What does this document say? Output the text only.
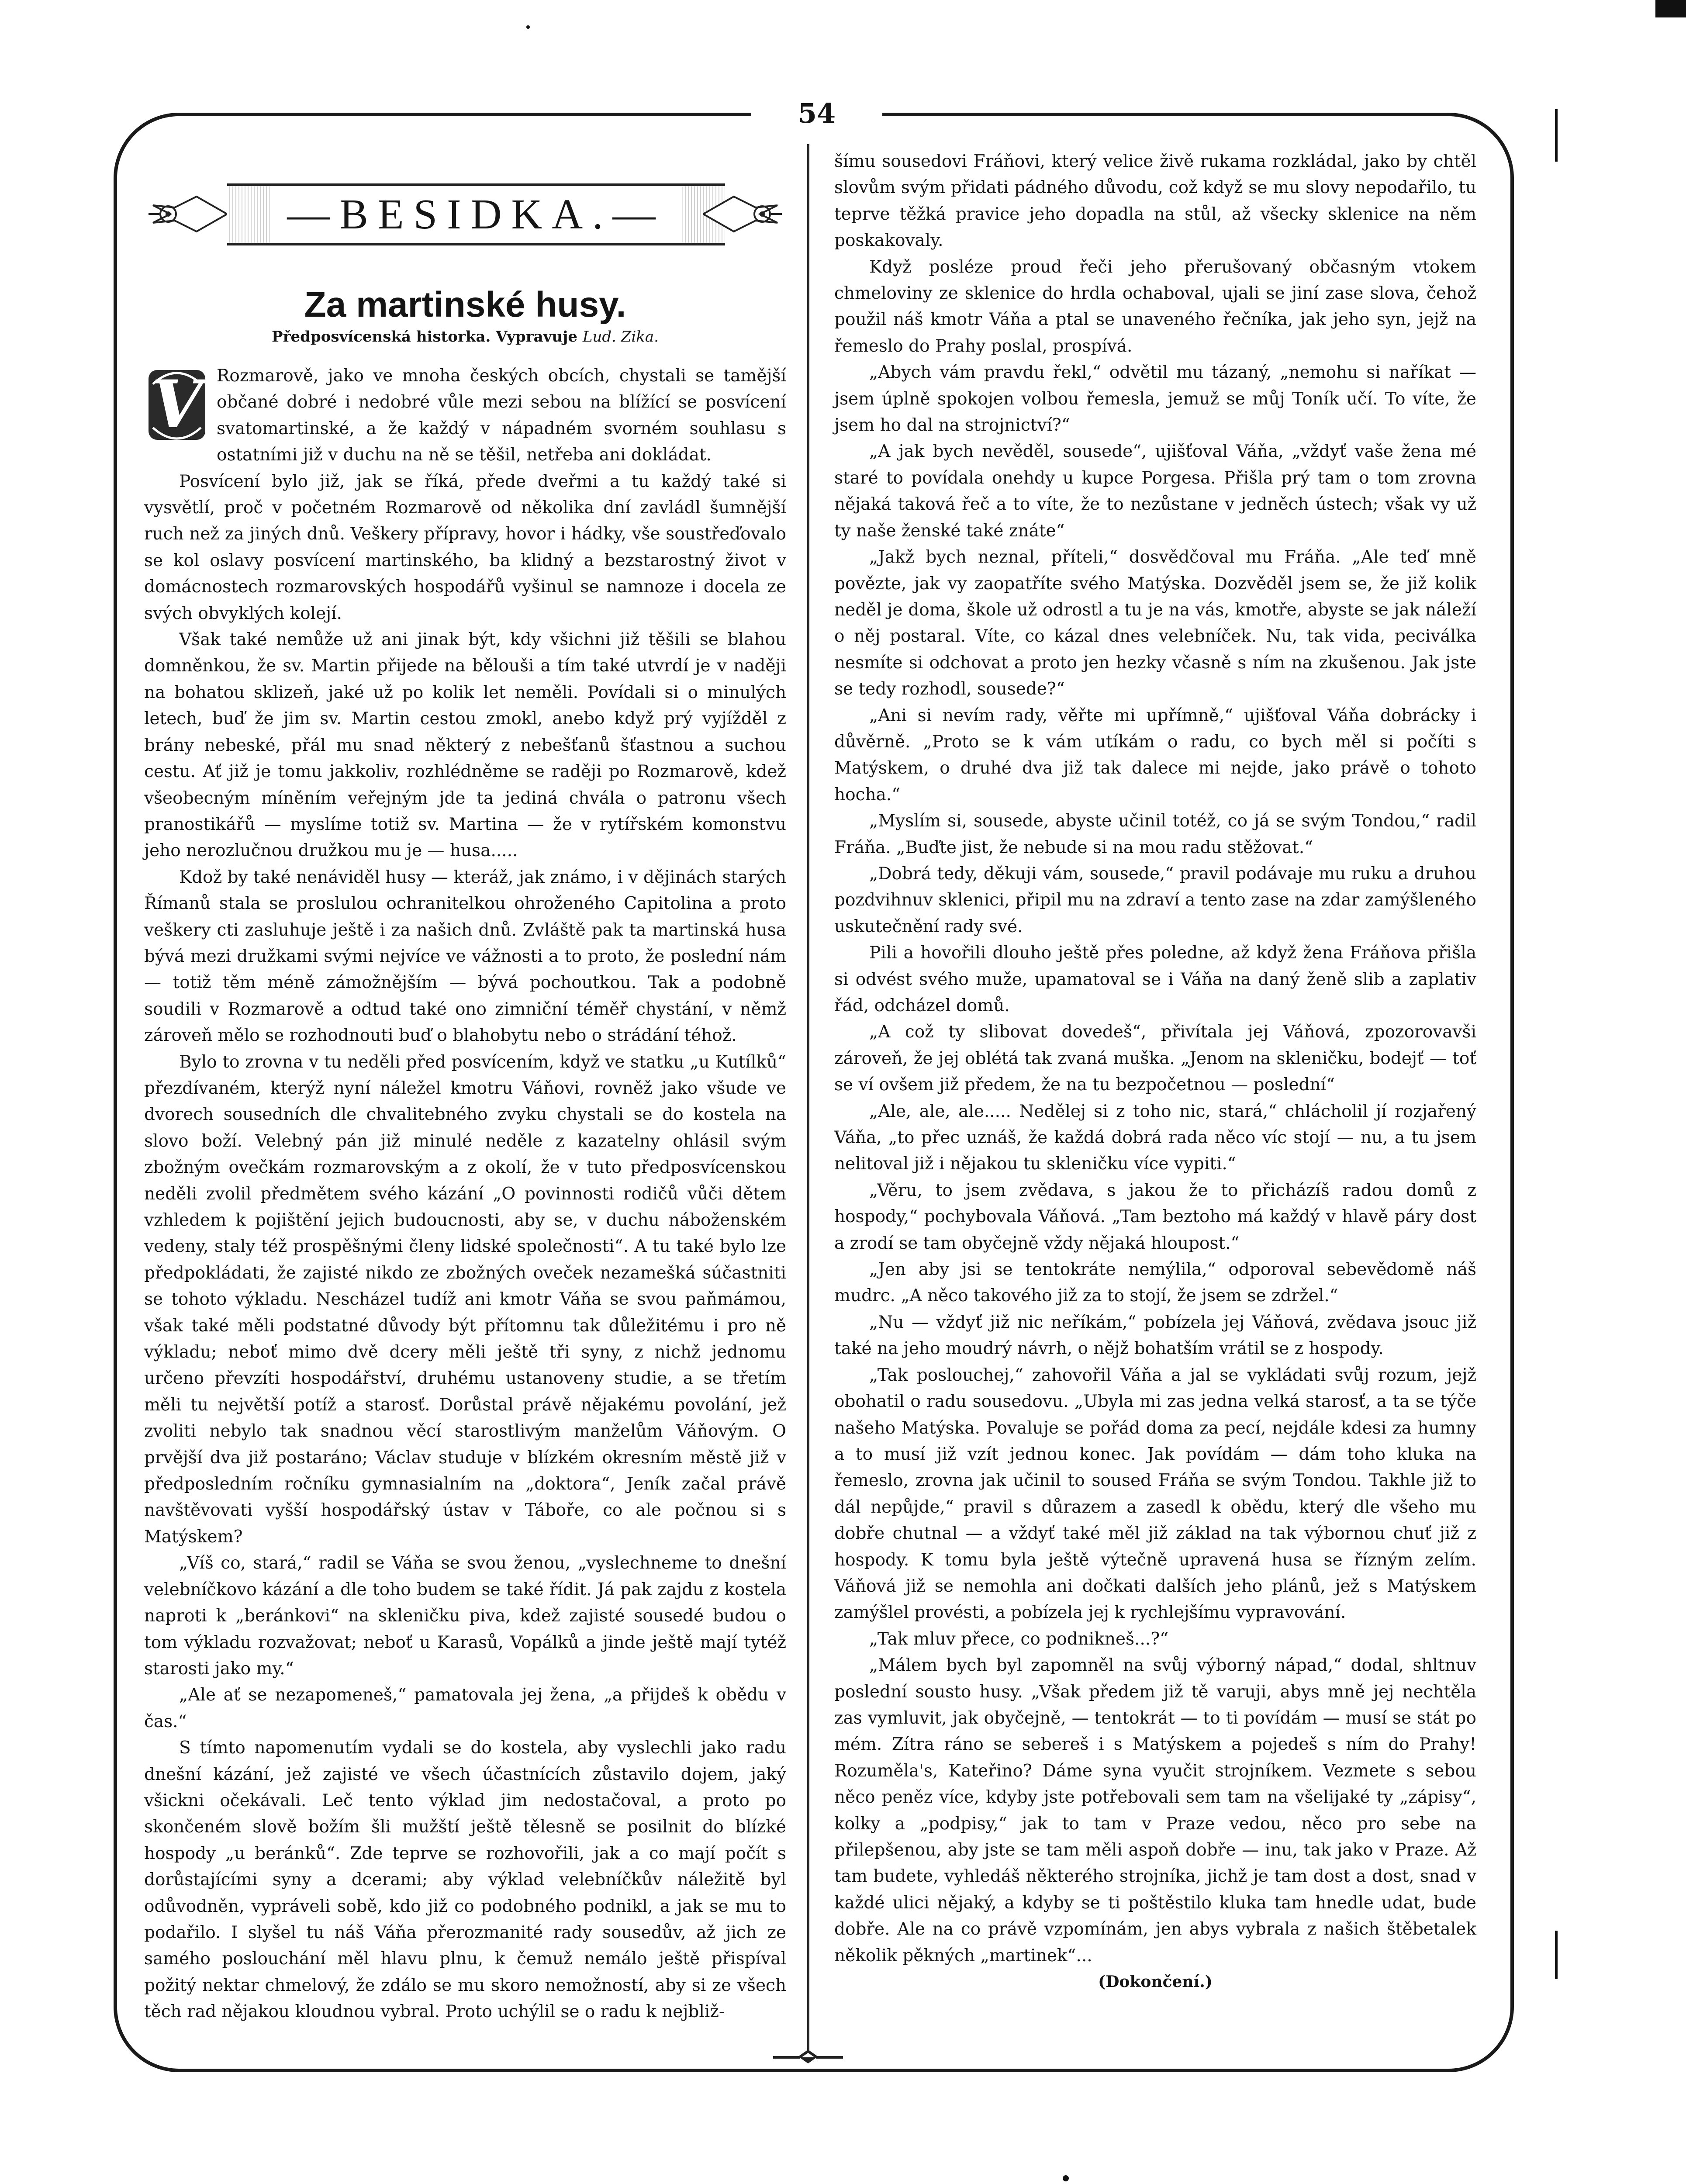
54
—BESIDKA.—
Za martinské husy.
Předposvícenská historka. Vypravuje Lud. Zika.

V Rozmarově, jako ve mnoha českých obcích, chystali se tamější občané dobré i nedobré vůle mezi sebou na blížící se posvícení svatomartinské, a že každý v nápadném svorném souhlasu s ostatními již v duchu na ně se těšil, netřeba ani dokládat.

Posvícení bylo již, jak se říká, přede dveřmi a tu každý také si vysvětlí, proč v početném Rozmarově od několika dní zavládl šumnější ruch než za jiných dnů. Veškery přípravy, hovor i hádky, vše soustřeďovalo se kol oslavy posvícení martinského, ba klidný a bezstarostný život v domácnostech rozmarovských hospodářů vyšinul se namnoze i docela ze svých obvyklých kolejí.

Však také nemůže už ani jinak být, kdy všichni již těšili se blahou domněnkou, že sv. Martin přijede na bělouši a tím také utvrdí je v naději na bohatou sklizeň, jaké už po kolik let neměli. Povídali si o minulých letech, buď že jim sv. Martin cestou zmokl, anebo když prý vyjížděl z brány nebeské, přál mu snad některý z nebešťanů šťastnou a suchou cestu. Ať již je tomu jakkoliv, rozhlédněme se raději po Rozmarově, kdež všeobecným míněním veřejným jde ta jediná chvála o patronu všech pranostikářů — myslíme totiž sv. Martina — že v rytířském komonstvu jeho nerozlučnou družkou mu je — husa.....

Kdož by také nenáviděl husy — kteráž, jak známo, i v dějinách starých Římanů stala se proslulou ochranitelkou ohroženého Capitolina a proto veškery cti zasluhuje ještě i za našich dnů. Zvláště pak ta martinská husa bývá mezi družkami svými nejvíce ve vážnosti a to proto, že poslední nám — totiž těm méně zámožnějším — bývá pochoutkou. Tak a podobně soudili v Rozmarově a odtud také ono zimniční téměř chystání, v němž zároveň mělo se rozhodnouti buď o blahobytu nebo o strádání téhož.

Bylo to zrovna v tu neděli před posvícením, když ve statku „u Kutílků“ přezdívaném, kterýž nyní náležel kmotru Váňovi, rovněž jako všude ve dvorech sousedních dle chvalitebného zvyku chystali se do kostela na slovo boží. Velebný pán již minulé neděle z kazatelny ohlásil svým zbožným ovečkám rozmarovským a z okolí, že v tuto předposvícenskou neděli zvolil předmětem svého kázání „O povinnosti rodičů vůči dětem vzhledem k pojištění jejich budoucnosti, aby se, v duchu náboženském vedeny, staly též prospěšnými členy lidské společnosti“. A tu také bylo lze předpokládati, že zajisté nikdo ze zbožných oveček nezamešká súčastniti se tohoto výkladu. Nescházel tudíž ani kmotr Váňa se svou paňmámou, však také měli podstatné důvody být přítomnu tak důležitému i pro ně výkladu; neboť mimo dvě dcery měli ještě tři syny, z nichž jednomu určeno převzíti hospodářství, druhému ustanoveny studie, a se třetím měli tu největší potíž a starosť. Dorůstal právě nějakému povolání, jež zvoliti nebylo tak snadnou věcí starostlivým manželům Váňovým. O prvější dva již postaráno; Václav studuje v blízkém okresním městě již v předposledním ročníku gymnasialním na „doktora“, Jeník začal právě navštěvovati vyšší hospodářský ústav v Táboře, co ale počnou si s Matýskem?

„Víš co, stará,“ radil se Váňa se svou ženou, „vyslechneme to dnešní velebníčkovo kázání a dle toho budem se také řídit. Já pak zajdu z kostela naproti k „beránkovi“ na skleničku piva, kdež zajisté sousedé budou o tom výkladu rozvažovat; neboť u Karasů, Vopálků a jinde ještě mají tytéž starosti jako my.“

„Ale ať se nezapomeneš,“ pamatovala jej žena, „a přijdeš k obědu v čas.“

S tímto napomenutím vydali se do kostela, aby vyslechli jako radu dnešní kázání, jež zajisté ve všech účastnících zůstavilo dojem, jaký všickni očekávali. Leč tento výklad jim nedostačoval, a proto po skončeném slově božím šli mužští ještě tělesně se posilnit do blízké hospody „u beránků“. Zde teprve se rozhovořili, jak a co mají počít s dorůstajícími syny a dcerami; aby výklad velebníčkův náležitě byl odůvodněn, vypráveli sobě, kdo již co podobného podnikl, a jak se mu to podařilo. I slyšel tu náš Váňa přerozmanité rady sousedův, až jich ze samého poslouchání měl hlavu plnu, k čemuž nemálo ještě přispíval požitý nektar chmelový, že zdálo se mu skoro nemožností, aby si ze všech těch rad nějakou kloudnou vybral. Proto uchýlil se o radu k nejbliž-

šímu sousedovi Fráňovi, který velice živě rukama rozkládal, jako by chtěl slovům svým přidati pádného důvodu, což když se mu slovy nepodařilo, tu teprve těžká pravice jeho dopadla na stůl, až všecky sklenice na něm poskakovaly.

Když posléze proud řeči jeho přerušovaný občasným vtokem chmeloviny ze sklenice do hrdla ochaboval, ujali se jiní zase slova, čehož použil náš kmotr Váňa a ptal se unaveného řečníka, jak jeho syn, jejž na řemeslo do Prahy poslal, prospívá.

„Abych vám pravdu řekl,“ odvětil mu tázaný, „nemohu si naříkat — jsem úplně spokojen volbou řemesla, jemuž se můj Toník učí. To víte, že jsem ho dal na strojnictví?“

„A jak bych nevěděl, sousede“, ujišťoval Váňa, „vždyť vaše žena mé staré to povídala onehdy u kupce Porgesa. Přišla prý tam o tom zrovna nějaká taková řeč a to víte, že to nezůstane v jedněch ústech; však vy už ty naše ženské také znáte“

„Jakž bych neznal, příteli,“ dosvědčoval mu Fráňa. „Ale teď mně povězte, jak vy zaopatříte svého Matýska. Dozvěděl jsem se, že již kolik neděl je doma, škole už odrostl a tu je na vás, kmotře, abyste se jak náleží o něj postaral. Víte, co kázal dnes velebníček. Nu, tak vida, peciválka nesmíte si odchovat a proto jen hezky včasně s ním na zkušenou. Jak jste se tedy rozhodl, sousede?“

„Ani si nevím rady, věřte mi upřímně,“ ujišťoval Váňa dobrácky i důvěrně. „Proto se k vám utíkám o radu, co bych měl si počíti s Matýskem, o druhé dva již tak dalece mi nejde, jako právě o tohoto hocha.“

„Myslím si, sousede, abyste učinil totéž, co já se svým Tondou,“ radil Fráňa. „Buďte jist, že nebude si na mou radu stěžovat.“

„Dobrá tedy, děkuji vám, sousede,“ pravil podávaje mu ruku a druhou pozdvihnuv sklenici, připil mu na zdraví a tento zase na zdar zamýšleného uskutečnění rady své.

Pili a hovořili dlouho ještě přes poledne, až když žena Fráňova přišla si odvést svého muže, upamatoval se i Váňa na daný ženě slib a zaplativ řád, odcházel domů.

„A což ty slibovat dovedeš“, přivítala jej Váňová, zpozorovavši zároveň, že jej oblétá tak zvaná muška. „Jenom na skleničku, bodejť — toť se ví ovšem již předem, že na tu bezpočetnou — poslední“

„Ale, ale, ale..... Nedělej si z toho nic, stará,“ chlácholil jí rozjařený Váňa, „to přec uznáš, že každá dobrá rada něco víc stojí — nu, a tu jsem nelitoval již i nějakou tu skleničku více vypiti.“

„Věru, to jsem zvědava, s jakou že to přicházíš radou domů z hospody,“ pochybovala Váňová. „Tam beztoho má každý v hlavě páry dost a zrodí se tam obyčejně vždy nějaká hloupost.“

„Jen aby jsi se tentokráte nemýlila,“ odporoval sebevědomě náš mudrc. „A něco takového již za to stojí, že jsem se zdržel.“

„Nu — vždyť již nic neříkám,“ pobízela jej Váňová, zvědava jsouc již také na jeho moudrý návrh, o nějž bohatším vrátil se z hospody.

„Tak poslouchej,“ zahovořil Váňa a jal se vykládati svůj rozum, jejž obohatil o radu sousedovu. „Ubyla mi zas jedna velká starosť, a ta se týče našeho Matýska. Povaluje se pořád doma za pecí, nejdále kdesi za humny a to musí již vzít jednou konec. Jak povídám — dám toho kluka na řemeslo, zrovna jak učinil to soused Fráňa se svým Tondou. Takhle již to dál nepůjde,“ pravil s důrazem a zasedl k obědu, který dle všeho mu dobře chutnal — a vždyť také měl již základ na tak výbornou chuť již z hospody. K tomu byla ještě výtečně upravená husa se řízným zelím. Váňová již se nemohla ani dočkati dalších jeho plánů, jež s Matýskem zamýšlel provésti, a pobízela jej k rychlejšímu vypravování.

„Tak mluv přece, co podnikneš...?“

„Málem bych byl zapomněl na svůj výborný nápad,“ dodal, shltnuv poslední sousto husy. „Však předem již tě varuji, abys mně jej nechtěla zas vymluvit, jak obyčejně, — tentokrát — to ti povídám — musí se stát po mém. Zítra ráno se sebereš i s Matýskem a pojedeš s ním do Prahy! Rozuměla's, Kateřino? Dáme syna vyučit strojníkem. Vezmete s sebou něco peněz více, kdyby jste potřebovali sem tam na všelijaké ty „zápisy“, kolky a „podpisy,“ jak to tam v Praze vedou, něco pro sebe na přilepšenou, aby jste se tam měli aspoň dobře — inu, tak jako v Praze. Až tam budete, vyhledáš některého strojníka, jichž je tam dost a dost, snad v každé ulici nějaký, a kdyby se ti poštěstilo kluka tam hnedle udat, bude dobře. Ale na co právě vzpomínám, jen abys vybrala z našich štěbetalek několik pěkných „martinek“...

(Dokončení.)
